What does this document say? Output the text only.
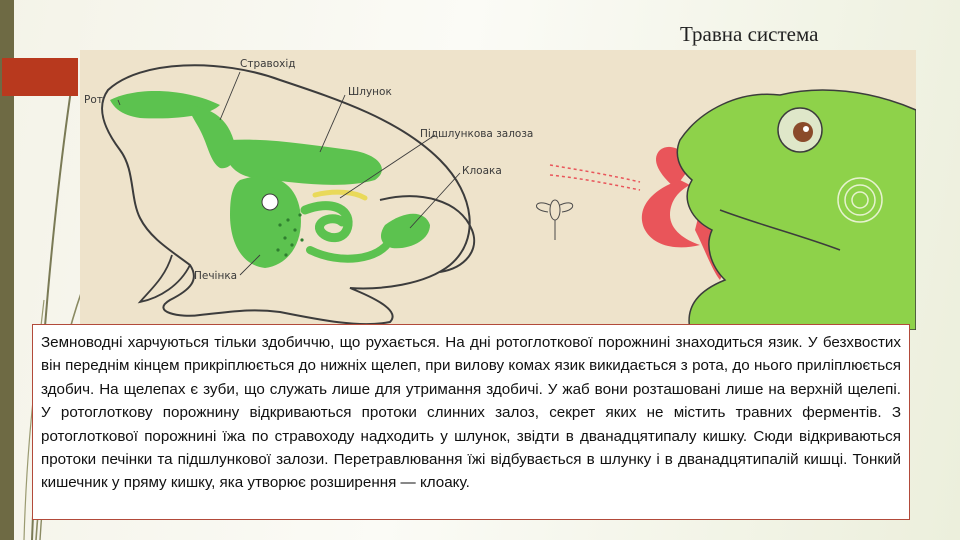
Травна система
Рот
Стравохід
Шлунок
Підшлункова залоза
Клоака
Печінка

Земноводні харчуються тільки здобиччю, що рухається. На дні ротоглоткової порожнині знаходиться язик. У безхвостих він переднім кінцем прикріплюється до нижніх щелеп, при вилову комах язик викидається з рота, до нього приліплюється здобич. На щелепах є зуби, що служать лише для утримання здобичі. У жаб вони розташовані лише на верхній щелепі. У ротоглоткову порожнину відкриваються протоки слинних залоз, секрет яких не містить травних ферментів. З ротоглоткової порожнині їжа по стравоходу надходить у шлунок, звідти в дванадцятипалу кишку. Сюди відкриваються протоки печінки та підшлункової залози. Перетравлювання їжі відбувається в шлунку і в дванадцятипалій кишці. Тонкий кишечник у пряму кишку, яка утворює розширення — клоаку.
